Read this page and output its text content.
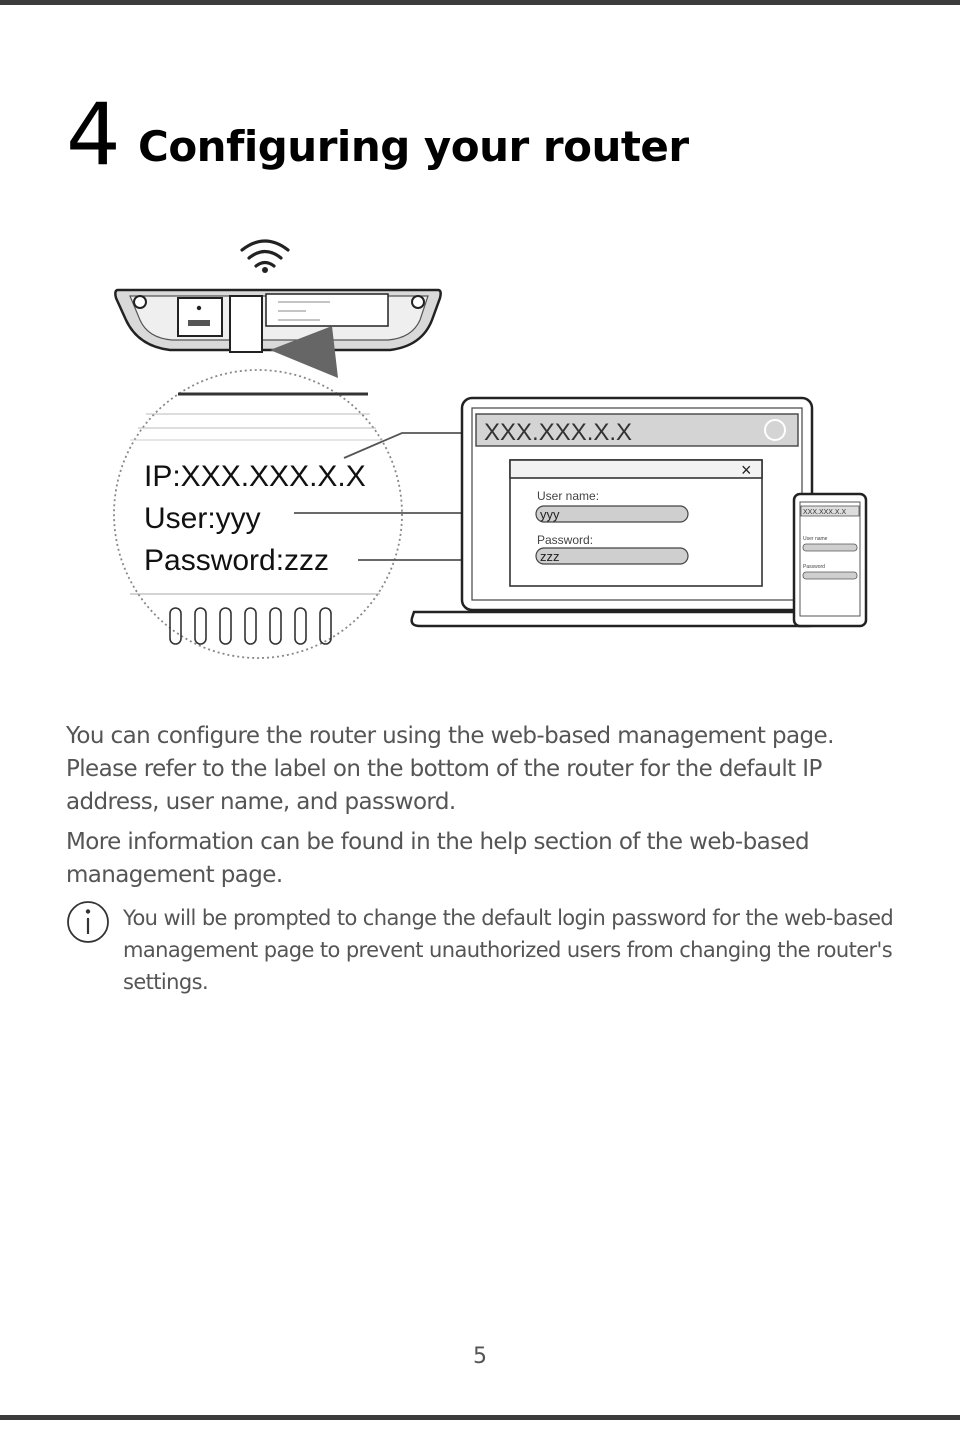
4 Configuring your router
IP:XXX.XXX.X.X
User:yyy
Password:zzz
XXX.XXX.X.X
×
User name:
yyy
Password:
zzz
XXX.XXX.X.X
User name
Password
You can configure the router using the web-based management page. Please refer to the label on the bottom of the router for the default IP address, user name, and password.
More information can be found in the help section of the web-based management page.
You will be prompted to change the default login password for the web-based management page to prevent unauthorized users from changing the router's settings.
5
